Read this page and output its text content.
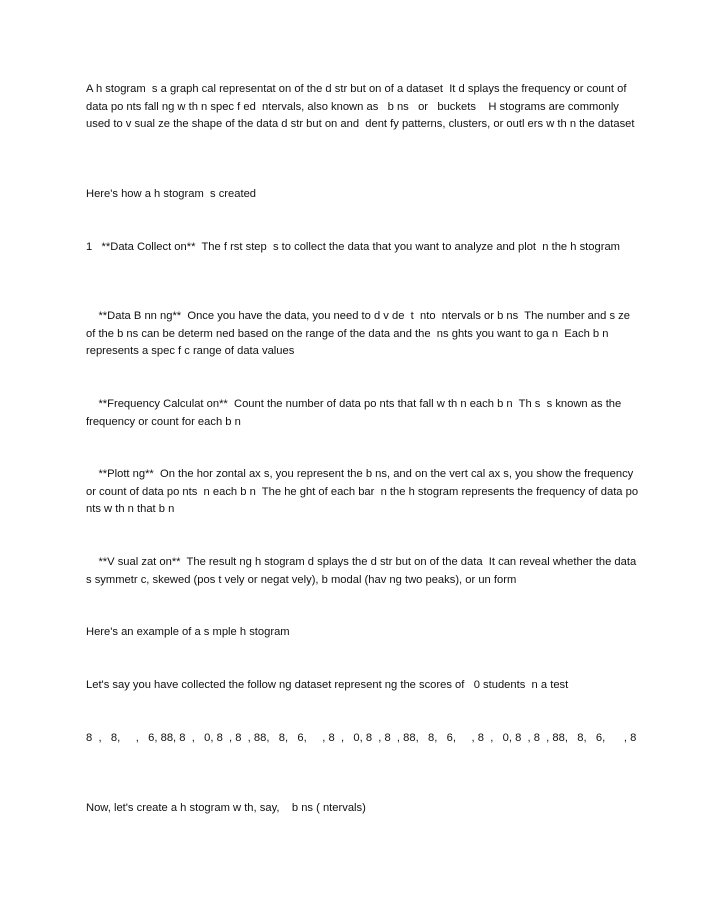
A h stogram  s a graph cal representat on of the d str but on of a dataset  It d splays the frequency or count of data po nts fall ng w th n spec f ed  ntervals, also known as   b ns   or   buckets    H stograms are commonly used to v sual ze the shape of the data d str but on and  dent fy patterns, clusters, or outl ers w th n the dataset

Here's how a h stogram  s created

1   **Data Collect on**  The f rst step  s to collect the data that you want to analyze and plot  n the h stogram

**Data B nn ng**  Once you have the data, you need to d v de  t  nto  ntervals or b ns  The number and s ze of the b ns can be determ ned based on the range of the data and the  ns ghts you want to ga n  Each b n represents a spec f c range of data values

**Frequency Calculat on**  Count the number of data po nts that fall w th n each b n  Th s  s known as the frequency or count for each b n

**Plott ng**  On the hor zontal ax s, you represent the b ns, and on the vert cal ax s, you show the frequency or count of data po nts  n each b n  The he ght of each bar  n the h stogram represents the frequency of data po nts w th n that b n

**V sual zat on**  The result ng h stogram d splays the d str but on of the data  It can reveal whether the data  s symmetr c, skewed (pos t vely or negat vely), b modal (hav ng two peaks), or un form

Here's an example of a s mple h stogram

Let's say you have collected the follow ng dataset represent ng the scores of   0 students  n a test

8  ,   8,     ,   6, 88, 8  ,   0, 8  , 8  , 88,   8,   6,     , 8  ,   0, 8  , 8  , 88,   8,   6,     , 8  ,   0, 8  , 8  , 88,   8,   6,      , 8

Now, let's create a h stogram w th, say,    b ns ( ntervals)
